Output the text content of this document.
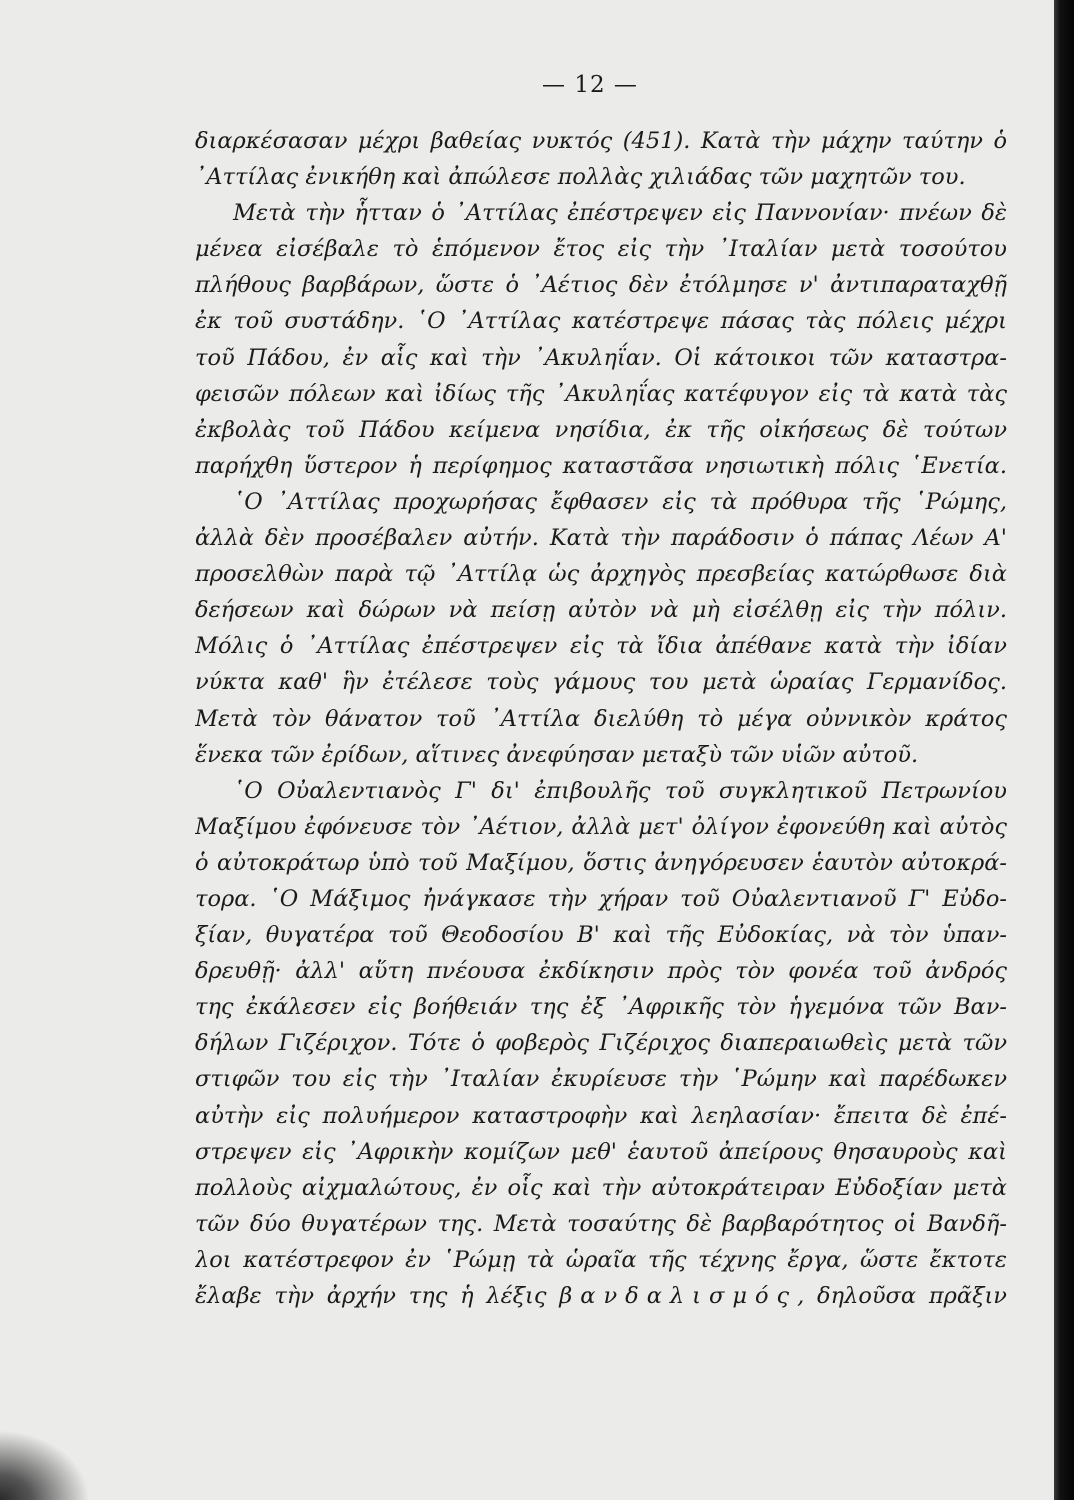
— 12 —
διαρκέσασαν μέχρι βαθείας νυκτός (451). Κατὰ τὴν μάχην ταύτην ὁ
᾿Αττίλας ἐνικήθη καὶ ἀπώλεσε πολλὰς χιλιάδας τῶν μαχητῶν του.
Μετὰ τὴν ἧτταν ὁ ᾿Αττίλας ἐπέστρεψεν εἰς Παννονίαν· πνέων δὲ
μένεα εἰσέβαλε τὸ ἑπόμενον ἔτος εἰς τὴν ᾿Ιταλίαν μετὰ τοσούτου
πλήθους βαρβάρων, ὥστε ὁ ᾿Αέτιος δὲν ἐτόλμησε ν' ἀντιπαραταχθῇ
ἐκ τοῦ συστάδην. ῾Ο ᾿Αττίλας κατέστρεψε πάσας τὰς πόλεις μέχρι
τοῦ Πάδου, ἐν αἷς καὶ τὴν ᾿Ακυληΐαν. Οἱ κάτοικοι τῶν καταστρα-
φεισῶν πόλεων καὶ ἰδίως τῆς ᾿Ακυληΐας κατέφυγον εἰς τὰ κατὰ τὰς
ἐκβολὰς τοῦ Πάδου κείμενα νησίδια, ἐκ τῆς οἰκήσεως δὲ τούτων
παρήχθη ὕστερον ἡ περίφημος καταστᾶσα νησιωτικὴ πόλις ῾Ενετία.
῾Ο ᾿Αττίλας προχωρήσας ἔφθασεν εἰς τὰ πρόθυρα τῆς ῾Ρώμης,
ἀλλὰ δὲν προσέβαλεν αὐτήν. Κατὰ τὴν παράδοσιν ὁ πάπας Λέων Α'
προσελθὼν παρὰ τῷ ᾿Αττίλᾳ ὡς ἀρχηγὸς πρεσβείας κατώρθωσε διὰ
δεήσεων καὶ δώρων νὰ πείσῃ αὐτὸν νὰ μὴ εἰσέλθῃ εἰς τὴν πόλιν.
Μόλις ὁ ᾿Αττίλας ἐπέστρεψεν εἰς τὰ ἴδια ἀπέθανε κατὰ τὴν ἰδίαν
νύκτα καθ' ἣν ἐτέλεσε τοὺς γάμους του μετὰ ὡραίας Γερμανίδος.
Μετὰ τὸν θάνατον τοῦ ᾿Αττίλα διελύθη τὸ μέγα οὐννικὸν κράτος
ἕνεκα τῶν ἐρίδων, αἵτινες ἀνεφύησαν μεταξὺ τῶν υἱῶν αὐτοῦ.
῾Ο Οὐαλεντιανὸς Γ' δι' ἐπιβουλῆς τοῦ συγκλητικοῦ Πετρωνίου
Μαξίμου ἐφόνευσε τὸν ᾿Αέτιον, ἀλλὰ μετ' ὀλίγον ἐφονεύθη καὶ αὐτὸς
ὁ αὐτοκράτωρ ὑπὸ τοῦ Μαξίμου, ὅστις ἀνηγόρευσεν ἑαυτὸν αὐτοκρά-
τορα. ῾Ο Μάξιμος ἠνάγκασε τὴν χήραν τοῦ Οὐαλεντιανοῦ Γ' Εὐδο-
ξίαν, θυγατέρα τοῦ Θεοδοσίου Β' καὶ τῆς Εὐδοκίας, νὰ τὸν ὑπαν-
δρευθῇ· ἀλλ' αὕτη πνέουσα ἐκδίκησιν πρὸς τὸν φονέα τοῦ ἀνδρός
της ἐκάλεσεν εἰς βοήθειάν της ἐξ ᾿Αφρικῆς τὸν ἡγεμόνα τῶν Βαν-
δήλων Γιζέριχον. Τότε ὁ φοβερὸς Γιζέριχος διαπεραιωθεὶς μετὰ τῶν
στιφῶν του εἰς τὴν ᾿Ιταλίαν ἐκυρίευσε τὴν ῾Ρώμην καὶ παρέδωκεν
αὐτὴν εἰς πολυήμερον καταστροφὴν καὶ λεηλασίαν· ἔπειτα δὲ ἐπέ-
στρεψεν εἰς ᾿Αφρικὴν κομίζων μεθ' ἑαυτοῦ ἀπείρους θησαυροὺς καὶ
πολλοὺς αἰχμαλώτους, ἐν οἷς καὶ τὴν αὐτοκράτειραν Εὐδοξίαν μετὰ
τῶν δύο θυγατέρων της. Μετὰ τοσαύτης δὲ βαρβαρότητος οἱ Βανδῆ-
λοι κατέστρεφον ἐν ῾Ρώμῃ τὰ ὡραῖα τῆς τέχνης ἔργα, ὥστε ἔκτοτε
ἔλαβε τὴν ἀρχήν της ἡ λέξις βανδαλισμός, δηλοῦσα πρᾶξιν
